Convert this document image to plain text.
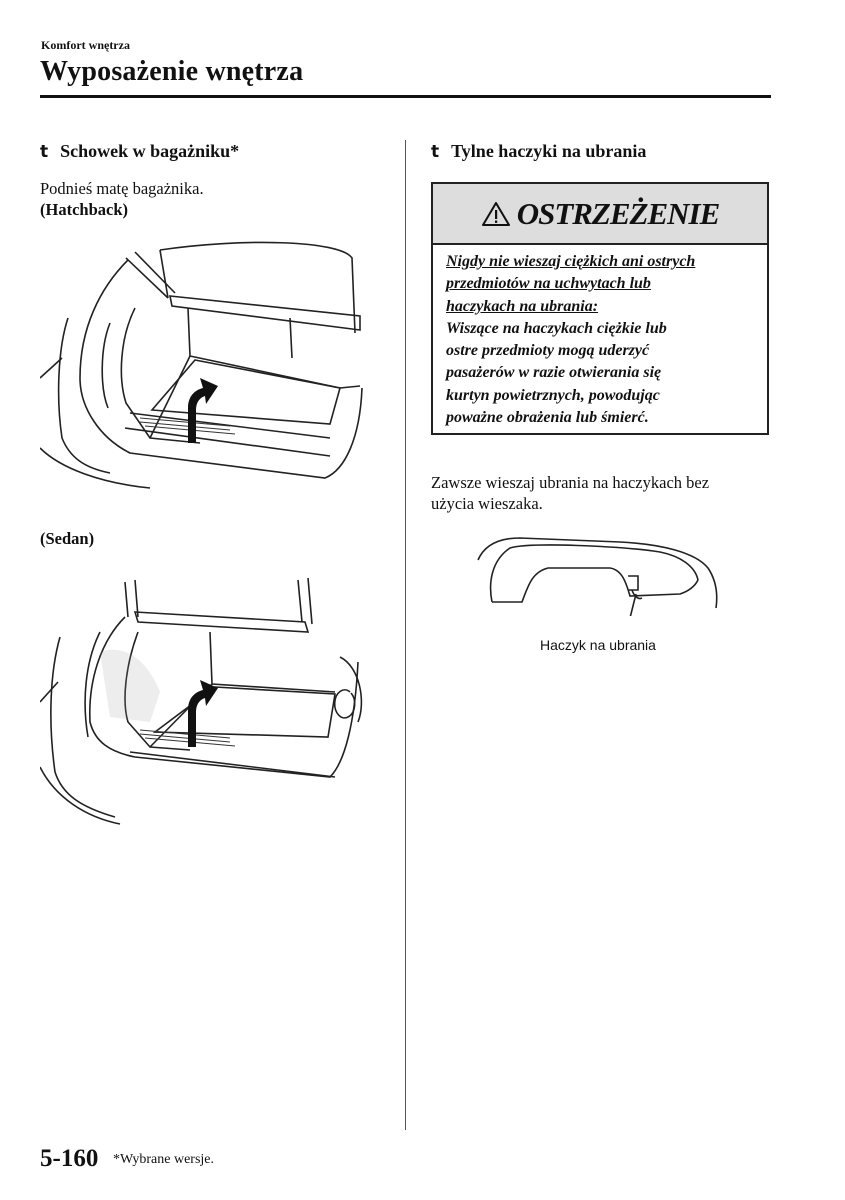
Komfort wnętrza
Wyposażenie wnętrza
t Schowek w bagażniku*
Podnieś matę bagażnika.
(Hatchback)
(Sedan)
t Tylne haczyki na ubrania
OSTRZEŻENIE
Nigdy nie wieszaj ciężkich ani ostrych
przedmiotów na uchwytach lub
haczykach na ubrania:
Wiszące na haczykach ciężkie lub
ostre przedmioty mogą uderzyć
pasażerów w razie otwierania się
kurtyn powietrznych, powodując
poważne obrażenia lub śmierć.
Zawsze wieszaj ubrania na haczykach bez
użycia wieszaka.
Haczyk na ubrania
5-160 *Wybrane wersje.
